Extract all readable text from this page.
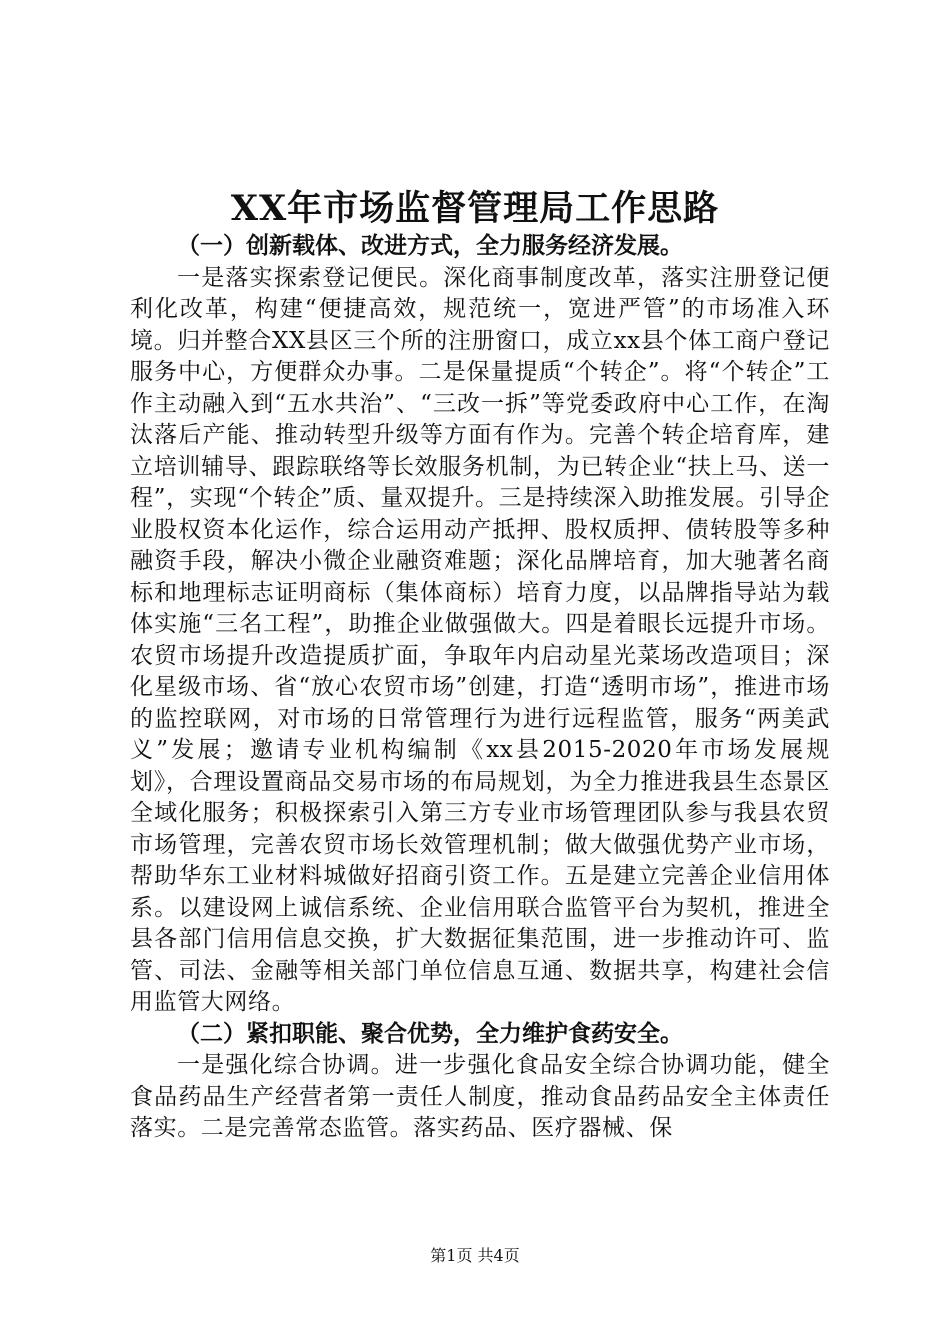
XX年市场监督管理局工作思路

（一）创新载体、改进方式，全力服务经济发展。

一是落实探索登记便民。深化商事制度改革，落实注册登记便利化改革，构建“便捷高效，规范统一，宽进严管”的市场准入环境。归并整合XX县区三个所的注册窗口，成立xx县个体工商户登记服务中心，方便群众办事。二是保量提质“个转企”。将“个转企”工作主动融入到“五水共治”、“三改一拆”等党委政府中心工作，在淘汰落后产能、推动转型升级等方面有作为。完善个转企培育库，建立培训辅导、跟踪联络等长效服务机制，为已转企业“扶上马、送一程”，实现“个转企”质、量双提升。三是持续深入助推发展。引导企业股权资本化运作，综合运用动产抵押、股权质押、债转股等多种融资手段，解决小微企业融资难题；深化品牌培育，加大驰著名商标和地理标志证明商标（集体商标）培育力度，以品牌指导站为载体实施“三名工程”，助推企业做强做大。四是着眼长远提升市场。农贸市场提升改造提质扩面，争取年内启动星光菜场改造项目；深化星级市场、省“放心农贸市场”创建，打造“透明市场”，推进市场的监控联网，对市场的日常管理行为进行远程监管，服务“两美武义”发展；邀请专业机构编制《xx县2015-2020年市场发展规划》，合理设置商品交易市场的布局规划，为全力推进我县生态景区全域化服务；积极探索引入第三方专业市场管理团队参与我县农贸市场管理，完善农贸市场长效管理机制；做大做强优势产业市场，帮助华东工业材料城做好招商引资工作。五是建立完善企业信用体系。以建设网上诚信系统、企业信用联合监管平台为契机，推进全县各部门信用信息交换，扩大数据征集范围，进一步推动许可、监管、司法、金融等相关部门单位信息互通、数据共享，构建社会信用监管大网络。

（二）紧扣职能、聚合优势，全力维护食药安全。

一是强化综合协调。进一步强化食品安全综合协调功能，健全食品药品生产经营者第一责任人制度，推动食品药品安全主体责任落实。二是完善常态监管。落实药品、医疗器械、保

第1页 共4页
